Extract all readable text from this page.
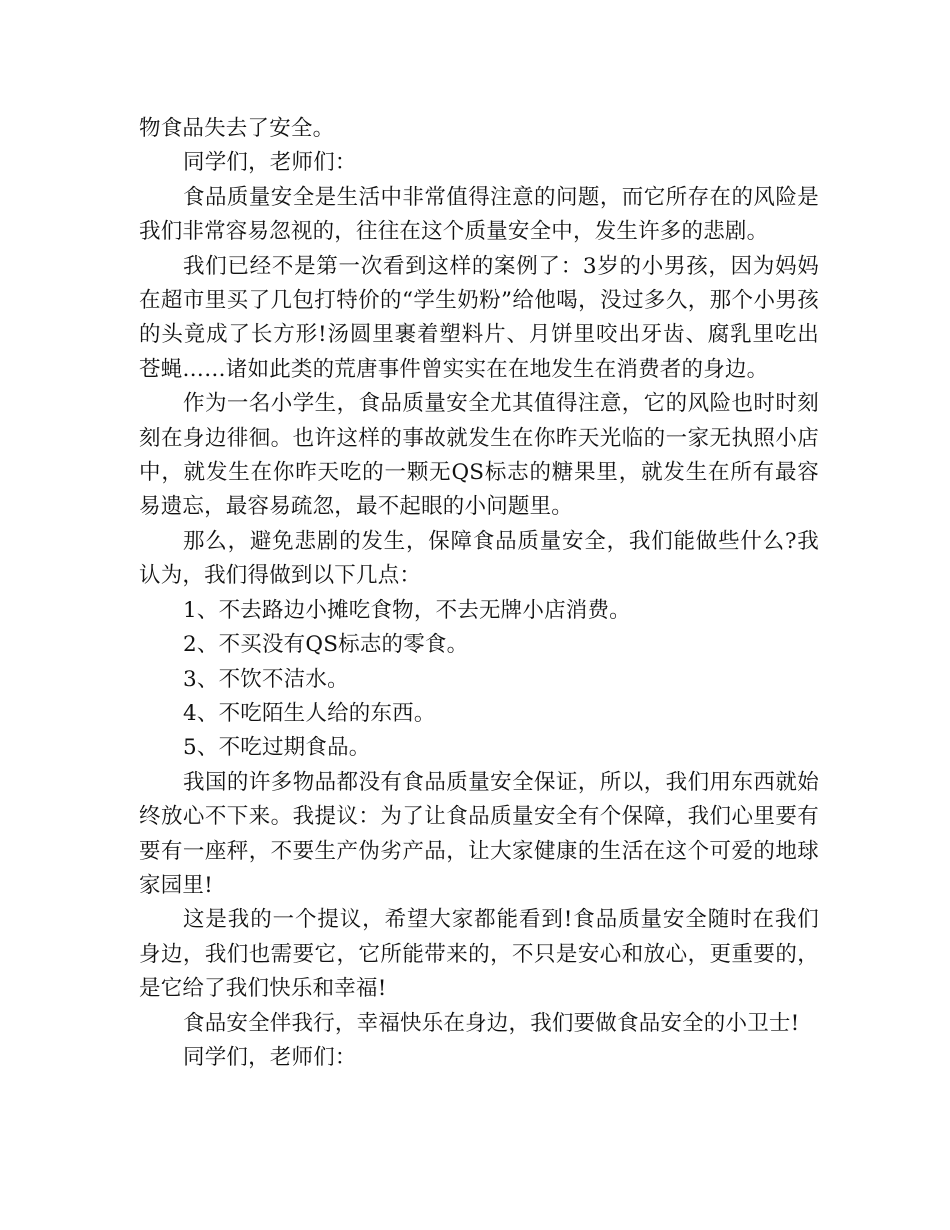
物食品失去了安全。

同学们，老师们：

食品质量安全是生活中非常值得注意的问题，而它所存在的风险是我们非常容易忽视的，往往在这个质量安全中，发生许多的悲剧。

我们已经不是第一次看到这样的案例了：3岁的小男孩，因为妈妈在超市里买了几包打特价的“学生奶粉”给他喝，没过多久，那个小男孩的头竟成了长方形!汤圆里裹着塑料片、月饼里咬出牙齿、腐乳里吃出苍蝇……诸如此类的荒唐事件曾实实在在地发生在消费者的身边。

作为一名小学生，食品质量安全尤其值得注意，它的风险也时时刻刻在身边徘徊。也许这样的事故就发生在你昨天光临的一家无执照小店中，就发生在你昨天吃的一颗无QS标志的糖果里，就发生在所有最容易遗忘，最容易疏忽，最不起眼的小问题里。

那么，避免悲剧的发生，保障食品质量安全，我们能做些什么?我认为，我们得做到以下几点：

1、不去路边小摊吃食物，不去无牌小店消费。

2、不买没有QS标志的零食。

3、不饮不洁水。

4、不吃陌生人给的东西。

5、不吃过期食品。

我国的许多物品都没有食品质量安全保证，所以，我们用东西就始终放心不下来。我提议：为了让食品质量安全有个保障，我们心里要有要有一座秤，不要生产伪劣产品，让大家健康的生活在这个可爱的地球家园里!

这是我的一个提议，希望大家都能看到!食品质量安全随时在我们身边，我们也需要它，它所能带来的，不只是安心和放心，更重要的，是它给了我们快乐和幸福!

食品安全伴我行，幸福快乐在身边，我们要做食品安全的小卫士!

同学们，老师们：
